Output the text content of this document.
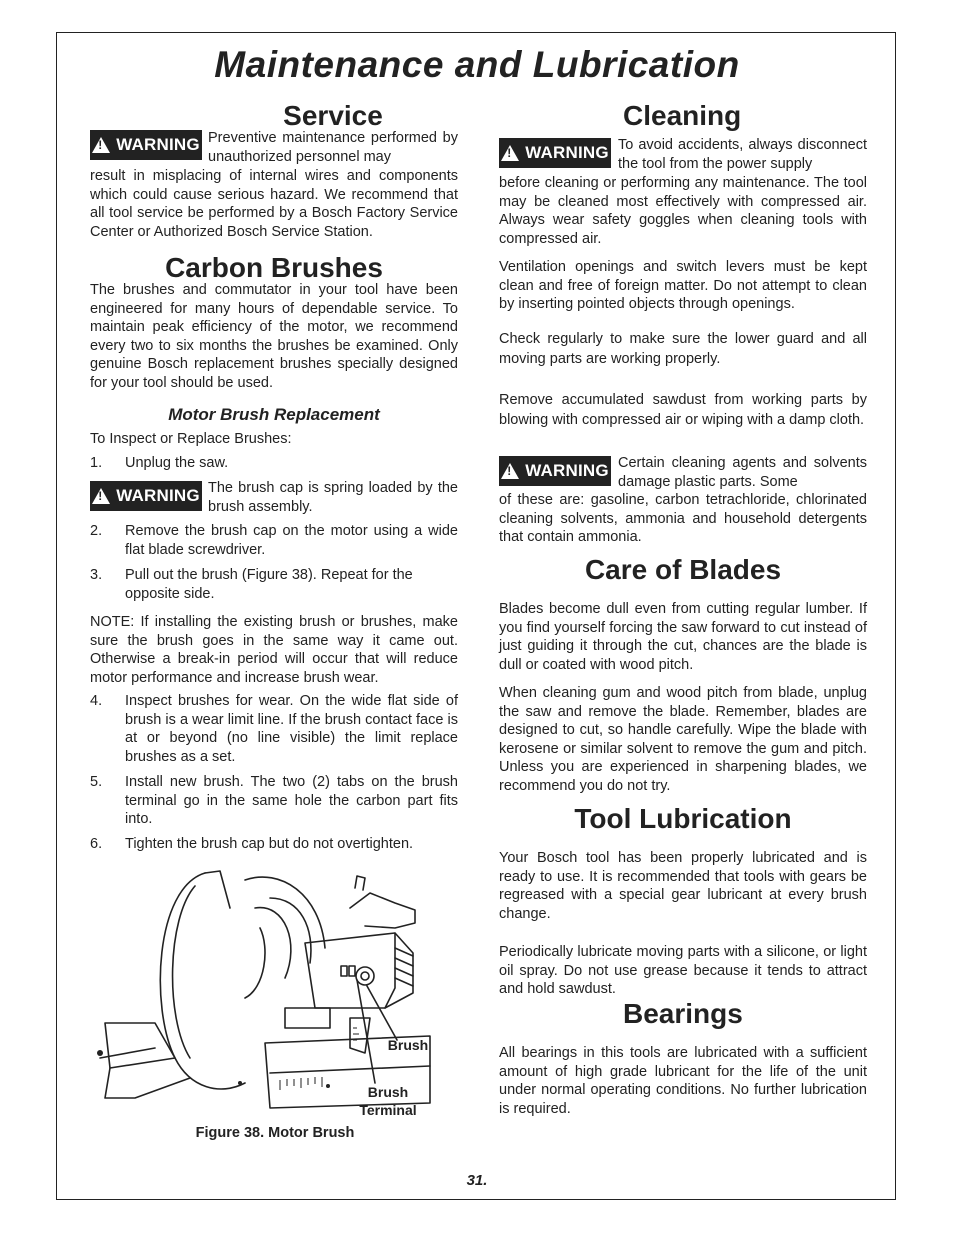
Maintenance and Lubrication
Service
!
WARNING Preventive maintenance performed by unauthorized personnel may
result in misplacing of internal wires and components which could cause serious hazard. We recommend that all tool service be performed by a Bosch Factory Service Center or Authorized Bosch Service Station.
Carbon Brushes
The brushes and commutator in your tool have been engineered for many hours of dependable service. To maintain peak efficiency of the motor, we recommend every two to six months the brushes be examined. Only genuine Bosch replacement brushes specially designed for your tool should be used.
Motor Brush Replacement
To Inspect or Replace Brushes:
1. Unplug the saw.
!
WARNING The brush cap is spring loaded by the brush assembly.
2. Remove the brush cap on the motor using a wide flat blade screwdriver.
3. Pull out the brush (Figure 38). Repeat for the opposite side.
NOTE: If installing the existing brush or brushes, make sure the brush goes in the same way it came out. Otherwise a break-in period will occur that will reduce motor performance and increase brush wear.
4. Inspect brushes for wear. On the wide flat side of brush is a wear limit line. If the brush contact face is at or beyond (no line visible) the limit replace brushes as a set.
5. Install new brush. The two (2) tabs on the brush terminal go in the same hole the carbon part fits into.
6. Tighten the brush cap but do not overtighten.
Brush
Brush
Terminal
Figure 38. Motor Brush
Cleaning
!
WARNING To avoid accidents, always disconnect the tool from the power supply
before cleaning or performing any maintenance. The tool may be cleaned most effectively with compressed air. Always wear safety goggles when cleaning tools with compressed air.
Ventilation openings and switch levers must be kept clean and free of foreign matter. Do not attempt to clean by inserting pointed objects through openings.
Check regularly to make sure the lower guard and all moving parts are working properly.
Remove accumulated sawdust from working parts by blowing with compressed air or wiping with a damp cloth.
!
WARNING Certain cleaning agents and solvents damage plastic parts. Some
of these are: gasoline, carbon tetrachloride, chlorinated cleaning solvents, ammonia and household detergents that contain ammonia.
Care of Blades
Blades become dull even from cutting regular lumber. If you find yourself forcing the saw forward to cut instead of just guiding it through the cut, chances are the blade is dull or coated with wood pitch.
When cleaning gum and wood pitch from blade, unplug the saw and remove the blade. Remember, blades are designed to cut, so handle carefully. Wipe the blade with kerosene or similar solvent to remove the gum and pitch. Unless you are experienced in sharpening blades, we recommend you do not try.
Tool Lubrication
Your Bosch tool has been properly lubricated and is ready to use. It is recommended that tools with gears be regreased with a special gear lubricant at every brush change.
Periodically lubricate moving parts with a silicone, or light oil spray. Do not use grease because it tends to attract and hold sawdust.
Bearings
All bearings in this tools are lubricated with a sufficient amount of high grade lubricant for the life of the unit under normal operating conditions. No further lubrication is required.
31.
